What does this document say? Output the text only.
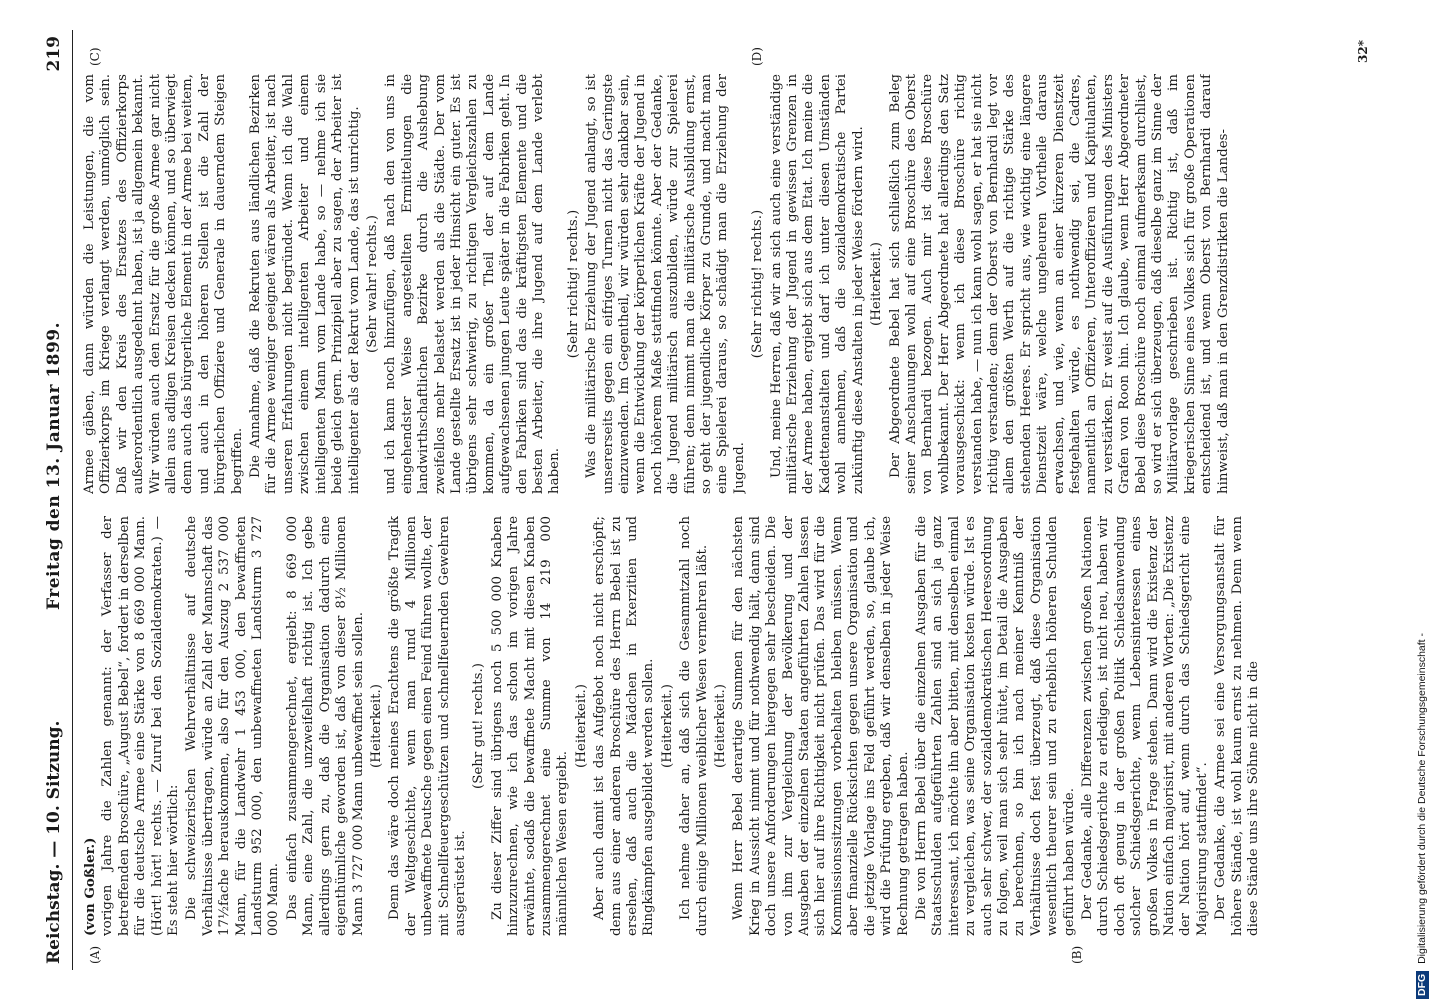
Reichstag. — 10. Sitzung.
Freitag den 13. Januar 1899.
219
(A)	(B)
(C)	(D)

(von Goßler.) vorigen Jahre die Zahlen genannt: der Verfasser der betreffenden Broschüre, „August Bebel“, fordert in derselben für die deutsche Armee eine Stärke von 8 669 000 Mann. (Hört! hört! rechts. — Zuruf bei den Sozialdemokraten.) — Es steht hier wörtlich: Die schweizerischen Wehrverhältnisse auf deutsche Verhältnisse übertragen, würde an Zahl der Mannschaft das 17½fache herauskommen, also für den Auszug 2 537 000 Mann, für die Landwehr 1 453 000, den bewaffneten Landsturm 952 000, den unbewaffneten Landsturm 3 727 000 Mann. Das einfach zusammengerechnet, ergiebt: 8 669 000 Mann, eine Zahl, die unzweifelhaft richtig ist. Ich gebe allerdings gern zu, daß die Organisation dadurch eine eigenthümliche geworden ist, daß von dieser 8½ Millionen Mann 3 727 000 Mann unbewaffnet sein sollen. (Heiterkeit.) Denn das wäre doch meines Erachtens die größte Tragik der Weltgeschichte, wenn man rund 4 Millionen unbewaffnete Deutsche gegen einen Feind führen wollte, der mit Schnellfeuergeschützen und schnellfeuernden Gewehren ausgerüstet ist.

(Sehr gut! rechts.) Zu dieser Ziffer sind übrigens noch 5 500 000 Knaben hinzuzurechnen, wie ich das schon im vorigen Jahre erwähnte, sodaß die bewaffnete Macht mit diesen Knaben zusammengerechnet eine Summe von 14 219 000 männlichen Wesen ergiebt.

(Heiterkeit.) Aber auch damit ist das Aufgebot noch nicht erschöpft; denn aus einer anderen Broschüre des Herrn Bebel ist zu ersehen, daß auch die Mädchen in Exerzitien und Ringkämpfen ausgebildet werden sollen. (Heiterkeit.) Ich nehme daher an, daß sich die Gesammtzahl noch durch einige Millionen weiblicher Wesen vermehren läßt. (Heiterkeit.) Wenn Herr Bebel derartige Summen für den nächsten Krieg in Aussicht nimmt und für nothwendig hält, dann sind doch unsere Anforderungen hiergegen sehr bescheiden. Die von ihm zur Vergleichung der Bevölkerung und der Ausgaben der einzelnen Staaten angeführten Zahlen lassen sich hier auf ihre Richtigkeit nicht prüfen. Das wird für die Kommissionssitzungen vorbehalten bleiben müssen. Wenn aber finanzielle Rücksichten gegen unsere Organisation und die jetzige Vorlage ins Feld geführt werden, so, glaube ich, wird die Prüfung ergeben, daß wir denselben in jeder Weise Rechnung getragen haben. Die von Herrn Bebel über die einzelnen Ausgaben für die Staatsschulden aufgeführten Zahlen sind an sich ja ganz interessant, ich möchte ihn aber bitten, mit denselben einmal zu vergleichen, was seine Organisation kosten würde. Ist es auch sehr schwer, der sozialdemokratischen Heeresordnung zu folgen, weil man sich sehr hütet, im Detail die Ausgaben zu berechnen, so bin ich nach meiner Kenntniß der Verhältnisse doch fest überzeugt, daß diese Organisation wesentlich theurer sein und zu erheblich höheren Schulden geführt haben würde. Der Gedanke, alle Differenzen zwischen großen Nationen durch Schiedsgerichte zu erledigen, ist nicht neu, haben wir doch oft genug in der großen Politik Schiedsanwendung solcher Schiedsgerichte, wenn Lebensinteressen eines großen Volkes in Frage stehen. Dann wird die Existenz der Nation einfach majorisirt, mit anderen Worten: „Die Existenz der Nation hört auf, wenn durch das Schiedsgericht eine Majorisirung stattfindet“. Der Gedanke, die Armee sei eine Versorgungsanstalt für höhere Stände, ist wohl kaum ernst zu nehmen. Denn wenn diese Stände uns ihre Söhne nicht in die

Armee gäben, dann würden die Leistungen, die vom Offizierkorps im Kriege verlangt werden, unmöglich sein. Daß wir den Kreis des Ersatzes des Offizierkorps außerordentlich ausgedehnt haben, ist ja allgemein bekannt. Wir würden auch den Ersatz für die große Armee gar nicht allein aus adligen Kreisen decken können, und so überwiegt denn auch das bürgerliche Element in der Armee bei weitem, und auch in den höheren Stellen ist die Zahl der bürgerlichen Offiziere und Generale in dauerndem Steigen begriffen. Die Annahme, daß die Rekruten aus ländlichen Bezirken für die Armee weniger geeignet wären als Arbeiter, ist nach unseren Erfahrungen nicht begründet. Wenn ich die Wahl zwischen einem intelligenten Arbeiter und einem intelligenten Mann vom Lande habe, so — nehme ich sie beide gleich gern. Prinzipiell aber zu sagen, der Arbeiter ist intelligenter als der Rekrut vom Lande, das ist unrichtig. (Sehr wahr! rechts.) und ich kann noch hinzufügen, daß nach den von uns in eingehendster Weise angestellten Ermittelungen die landwirthschaftlichen Bezirke durch die Aushebung zweifellos mehr belastet werden als die Städte. Der vom Lande gestellte Ersatz ist in jeder Hinsicht ein guter. Es ist übrigens sehr schwierig, zu richtigen Vergleichszahlen zu kommen, da ein großer Theil der auf dem Lande aufgewachsenen jungen Leute später in die Fabriken geht. In den Fabriken sind das die kräftigsten Elemente und die besten Arbeiter, die ihre Jugend auf dem Lande verlebt haben.

(Sehr richtig! rechts.) Was die militärische Erziehung der Jugend anlangt, so ist unsererseits gegen ein eifriges Turnen nicht das Geringste einzuwenden. Im Gegentheil, wir würden sehr dankbar sein, wenn die Entwicklung der körperlichen Kräfte der Jugend in noch höherem Maße stattfinden könnte. Aber der Gedanke, die Jugend militärisch auszubilden, würde zur Spielerei führen; denn nimmt man die militärische Ausbildung ernst, so geht der jugendliche Körper zu Grunde, und macht man eine Spielerei daraus, so schädigt man die Erziehung der Jugend.

(Sehr richtig! rechts.) Und, meine Herren, daß wir an sich auch eine verständige militärische Erziehung der Jugend in gewissen Grenzen in der Armee haben, ergiebt sich aus dem Etat. Ich meine die Kadettenanstalten und darf ich unter diesen Umständen wohl annehmen, daß die sozialdemokratische Partei zukünftig diese Anstalten in jeder Weise fördern wird. (Heiterkeit.) Der Abgeordnete Bebel hat sich schließlich zum Beleg seiner Anschauungen wohl auf eine Broschüre des Oberst von Bernhardi bezogen. Auch mir ist diese Broschüre wohlbekannt. Der Herr Abgeordnete hat allerdings den Satz vorausgeschickt: wenn ich diese Broschüre richtig verstanden habe, — nun ich kann wohl sagen, er hat sie nicht richtig verstanden; denn der Oberst von Bernhardi legt vor allem den größten Werth auf die richtige Stärke des stehenden Heeres. Er spricht aus, wie wichtig eine längere Dienstzeit wäre, welche ungeheuren Vortheile daraus erwachsen, und wie, wenn an einer kürzeren Dienstzeit festgehalten würde, es nothwendig sei, die Cadres, namentlich an Offizieren, Unteroffizieren und Kapitulanten, zu verstärken. Er weist auf die Ausführungen des Ministers Grafen von Roon hin. Ich glaube, wenn Herr Abgeordneter Bebel diese Broschüre noch einmal aufmerksam durchliest, so wird er sich überzeugen, daß dieselbe ganz im Sinne der Militärvorlage geschrieben ist. Richtig ist, daß im kriegerischen Sinne eines Volkes sich für große Operationen entscheidend ist, und wenn Oberst von Bernhardi darauf hinweist, daß man in den Grenzdistrikten die Landes-

32*
DFG Digitalisierung gefördert durch die Deutsche Forschungsgemeinschaft -
